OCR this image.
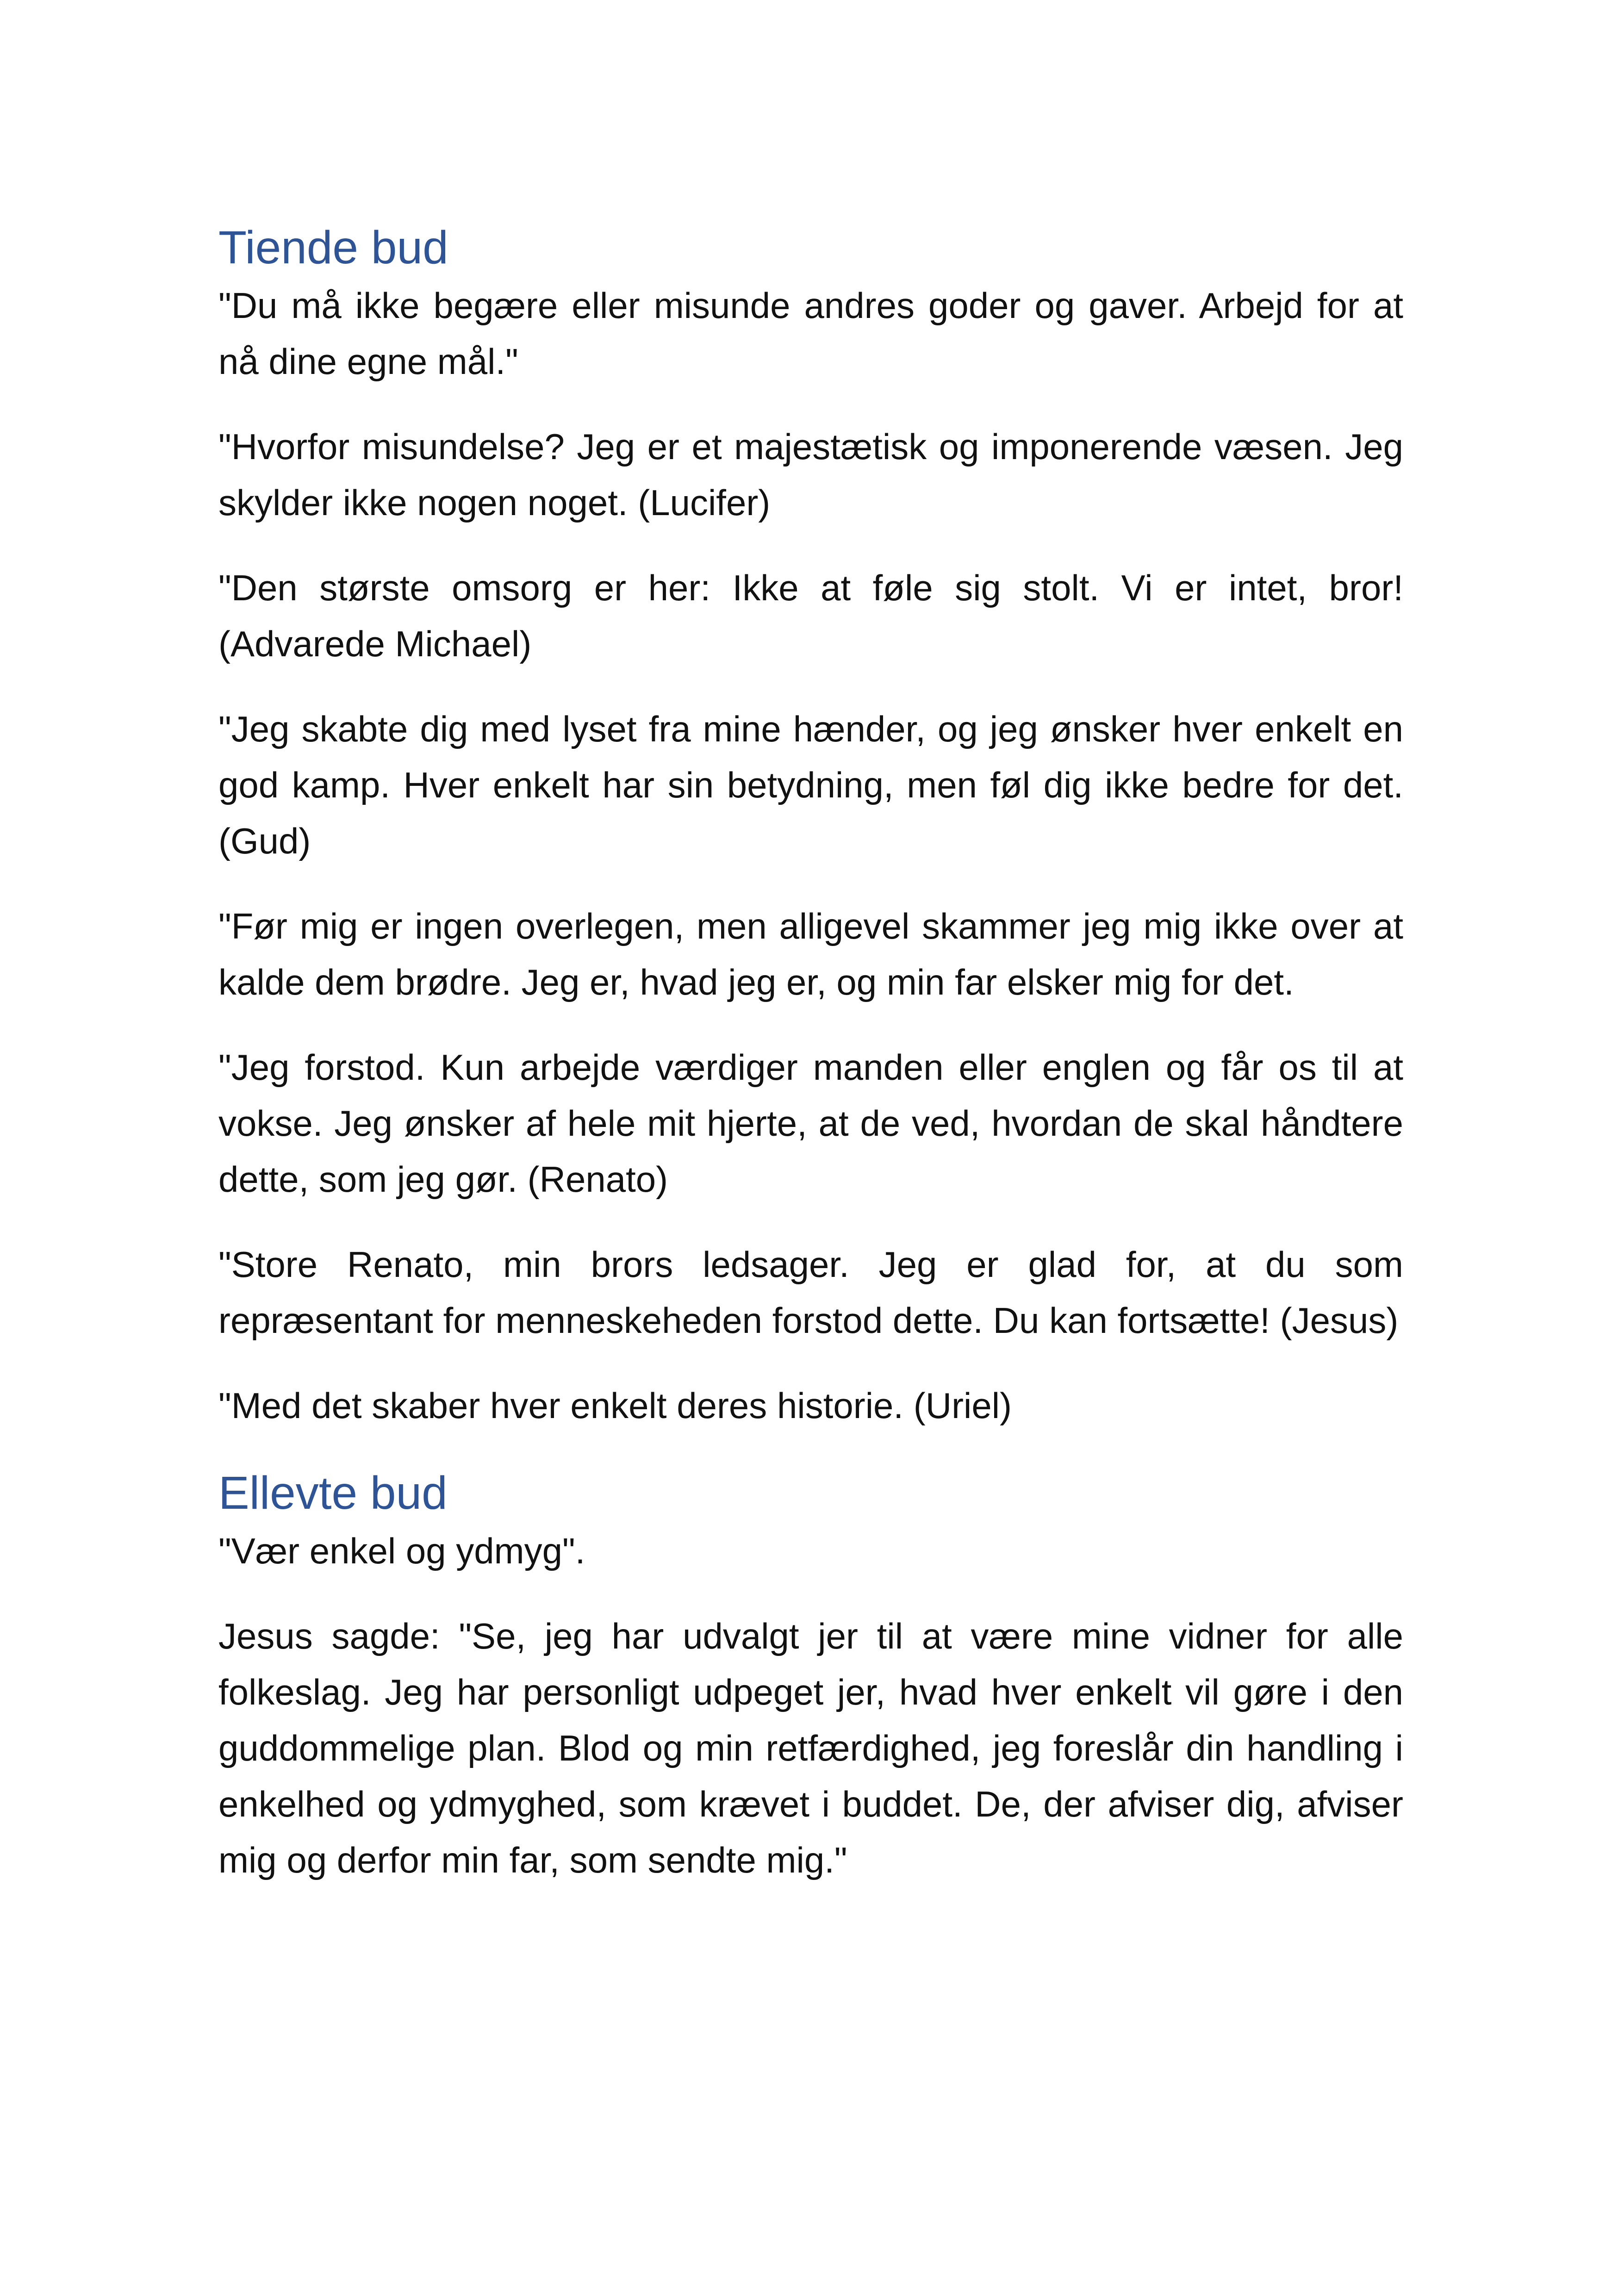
Tiende bud

"Du må ikke begære eller misunde andres goder og gaver. Arbejd for at nå dine egne mål."

"Hvorfor misundelse? Jeg er et majestætisk og imponerende væsen. Jeg skylder ikke nogen noget. (Lucifer)

"Den største omsorg er her: Ikke at føle sig stolt. Vi er intet, bror! (Advarede Michael)

"Jeg skabte dig med lyset fra mine hænder, og jeg ønsker hver enkelt en god kamp. Hver enkelt har sin betydning, men føl dig ikke bedre for det. (Gud)

"Før mig er ingen overlegen, men alligevel skammer jeg mig ikke over at kalde dem brødre. Jeg er, hvad jeg er, og min far elsker mig for det.

"Jeg forstod. Kun arbejde værdiger manden eller englen og får os til at vokse. Jeg ønsker af hele mit hjerte, at de ved, hvordan de skal håndtere dette, som jeg gør. (Renato)

"Store Renato, min brors ledsager. Jeg er glad for, at du som repræsentant for menneskeheden forstod dette. Du kan fortsætte! (Jesus)

"Med det skaber hver enkelt deres historie. (Uriel)

Ellevte bud

"Vær enkel og ydmyg".

Jesus sagde: "Se, jeg har udvalgt jer til at være mine vidner for alle folkeslag. Jeg har personligt udpeget jer, hvad hver enkelt vil gøre i den guddommelige plan. Blod og min retfærdighed, jeg foreslår din handling i enkelhed og ydmyghed, som krævet i buddet. De, der afviser dig, afviser mig og derfor min far, som sendte mig."
